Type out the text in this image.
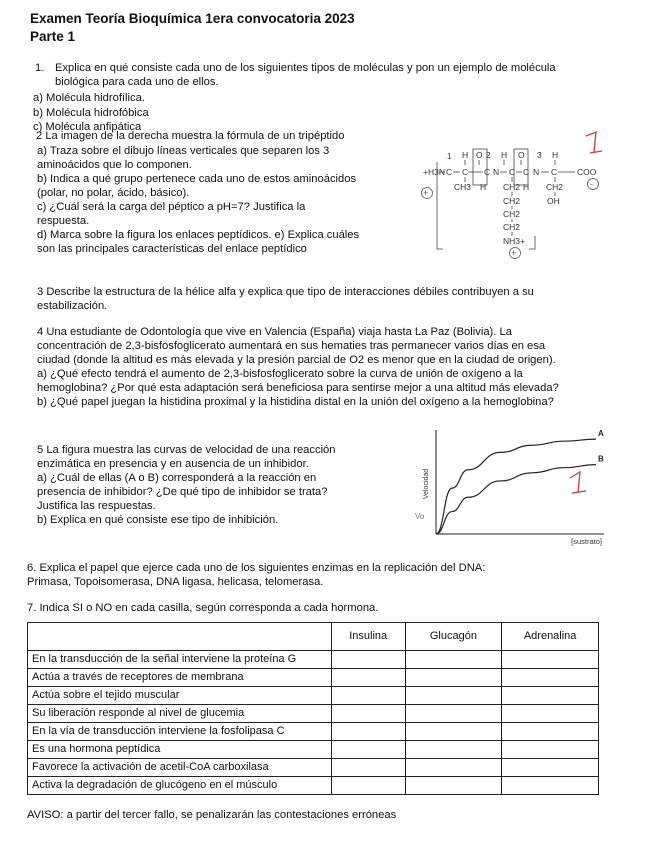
Examen Teoría Bioquímica 1era convocatoria 2023
Parte 1
1. Explica en qué consiste cada uno de los siguientes tipos de moléculas y pon un ejemplo de molécula
biológica para cada uno de ellos.
a) Molécula hidrofílica.
b) Molécula hidrofóbica
c) Molécula anfipática
2 La imagen de la derecha muestra la fórmula de un tripéptido
a) Traza sobre el dibujo líneas verticales que separen los 3
aminoácidos que lo componen.
b) Indica a qué grupo pertenece cada uno de estos aminoácidos
(polar, no polar, ácido, básico).
c) ¿Cuál será la carga del péptico a pH=7? Justifica la
respuesta.
d) Marca sobre la figura los enlaces peptídicos. e) Explica cuáles
son las principales características del enlace peptídico
1	2	3
+H3N
H O H O	H
C C C N C C N C COO
CH3 H CH2 H CH2
OH
CH2
CH2
CH2
NH3+
+
+
-
3 Describe la estructura de la hélice alfa y explica que tipo de interacciones débiles contribuyen a su
estabilización.
4 Una estudiante de Odontología que vive en Valencia (España) viaja hasta La Paz (Bolivia). La
concentración de 2,3-bisfosfoglicerato aumentará en sus hematies tras permanecer varios días en esa
ciudad (donde la altitud es más elevada y la presión parcial de O2 es menor que en la ciudad de origen).
a) ¿Qué efecto tendrá el aumento de 2,3-bisfosfoglicerato sobre la curva de unión de oxígeno a la
hemoglobina? ¿Por qué esta adaptación será beneficiosa para sentirse mejor a una altitud más elevada?
b) ¿Qué papel juegan la histidina proximal y la histidina distal en la unión del oxígeno a la hemoglobina?
5 La figura muestra las curvas de velocidad de una reacción
enzimática en presencia y en ausencia de un inhibidor.
a) ¿Cuál de ellas (A o B) corresponderá a la reacción en
presencia de inhibidor? ¿De qué tipo de inhibidor se trata?
Justifica las respuestas.
b) Explica en qué consiste ese tipo de inhibición.
Velocidad
[sustrato]
Vo
A
B
6. Explica el papel que ejerce cada uno de los siguientes enzimas en la replicación del DNA:
Primasa, Topoisomerasa, DNA ligasa, helicasa, telomerasa.
7. Indica SI o NO en cada casilla, según corresponda a cada hormona.
	Insulina	Glucagón	Adrenalina
En la transducción de la señal interviene la proteína G			
Actúa a través de receptores de membrana			
Actúa sobre el tejido muscular			
Su liberación responde al nivel de glucemia			
En la vía de transducción interviene la fosfolipasa C			
Es una hormona peptídica			
Favorece la activación de acetil-CoA carboxilasa			
Activa la degradación de glucógeno en el músculo			
AVISO: a partir del tercer fallo, se penalizarán las contestaciones erróneas
